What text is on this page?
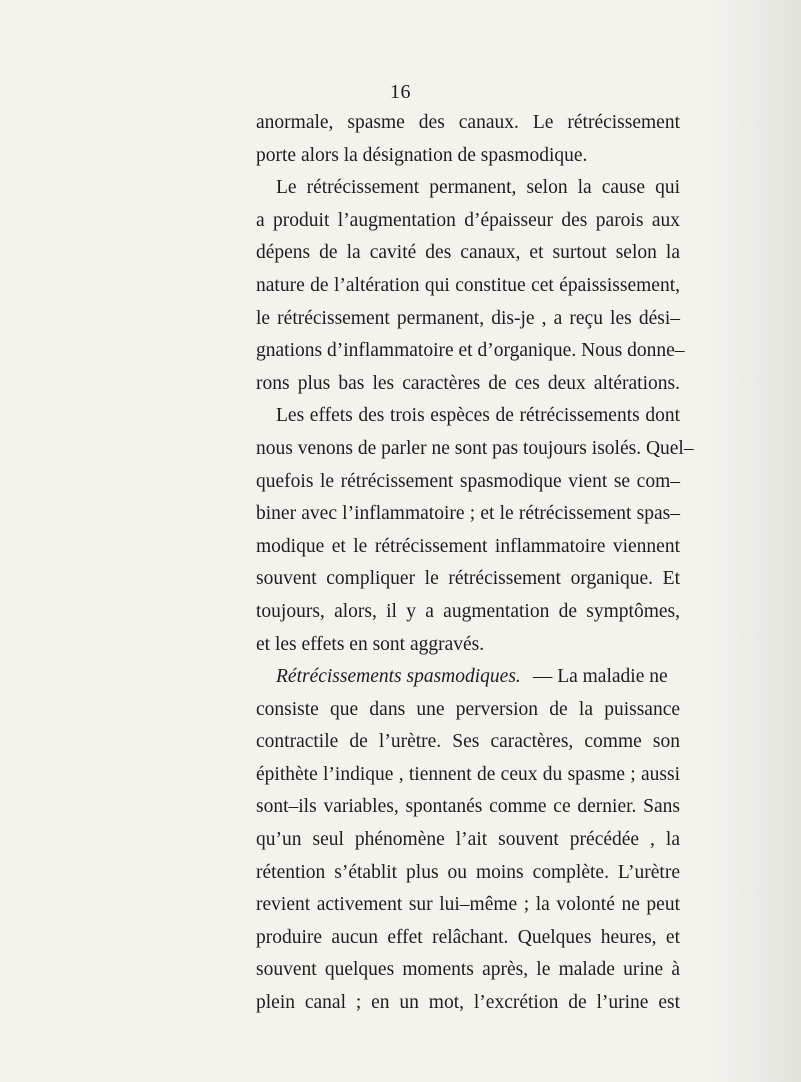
16
anormale, spasme des canaux. Le rétrécissement
porte alors la désignation de spasmodique.
Le rétrécissement permanent, selon la cause qui
a produit l’augmentation d’épaisseur des parois aux
dépens de la cavité des canaux, et surtout selon la
nature de l’altération qui constitue cet épaississement,
le rétrécissement permanent, dis-je , a reçu les dési–
gnations d’inflammatoire et d’organique. Nous donne–
rons plus bas les caractères de ces deux altérations.
Les effets des trois espèces de rétrécissements dont
nous venons de parler ne sont pas toujours isolés. Quel–
quefois le rétrécissement spasmodique vient se com–
biner avec l’inflammatoire ; et le rétrécissement spas–
modique et le rétrécissement inflammatoire viennent
souvent compliquer le rétrécissement organique. Et
toujours, alors, il y a augmentation de symptômes,
et les effets en sont aggravés.
Rétrécissements spasmodiques. — La maladie ne
consiste que dans une perversion de la puissance
contractile de l’urètre. Ses caractères, comme son
épithète l’indique , tiennent de ceux du spasme ; aussi
sont–ils variables, spontanés comme ce dernier. Sans
qu’un seul phénomène l’ait souvent précédée , la
rétention s’établit plus ou moins complète. L’urètre
revient activement sur lui–même ; la volonté ne peut
produire aucun effet relâchant. Quelques heures, et
souvent quelques moments après, le malade urine à
plein canal ; en un mot, l’excrétion de l’urine est
